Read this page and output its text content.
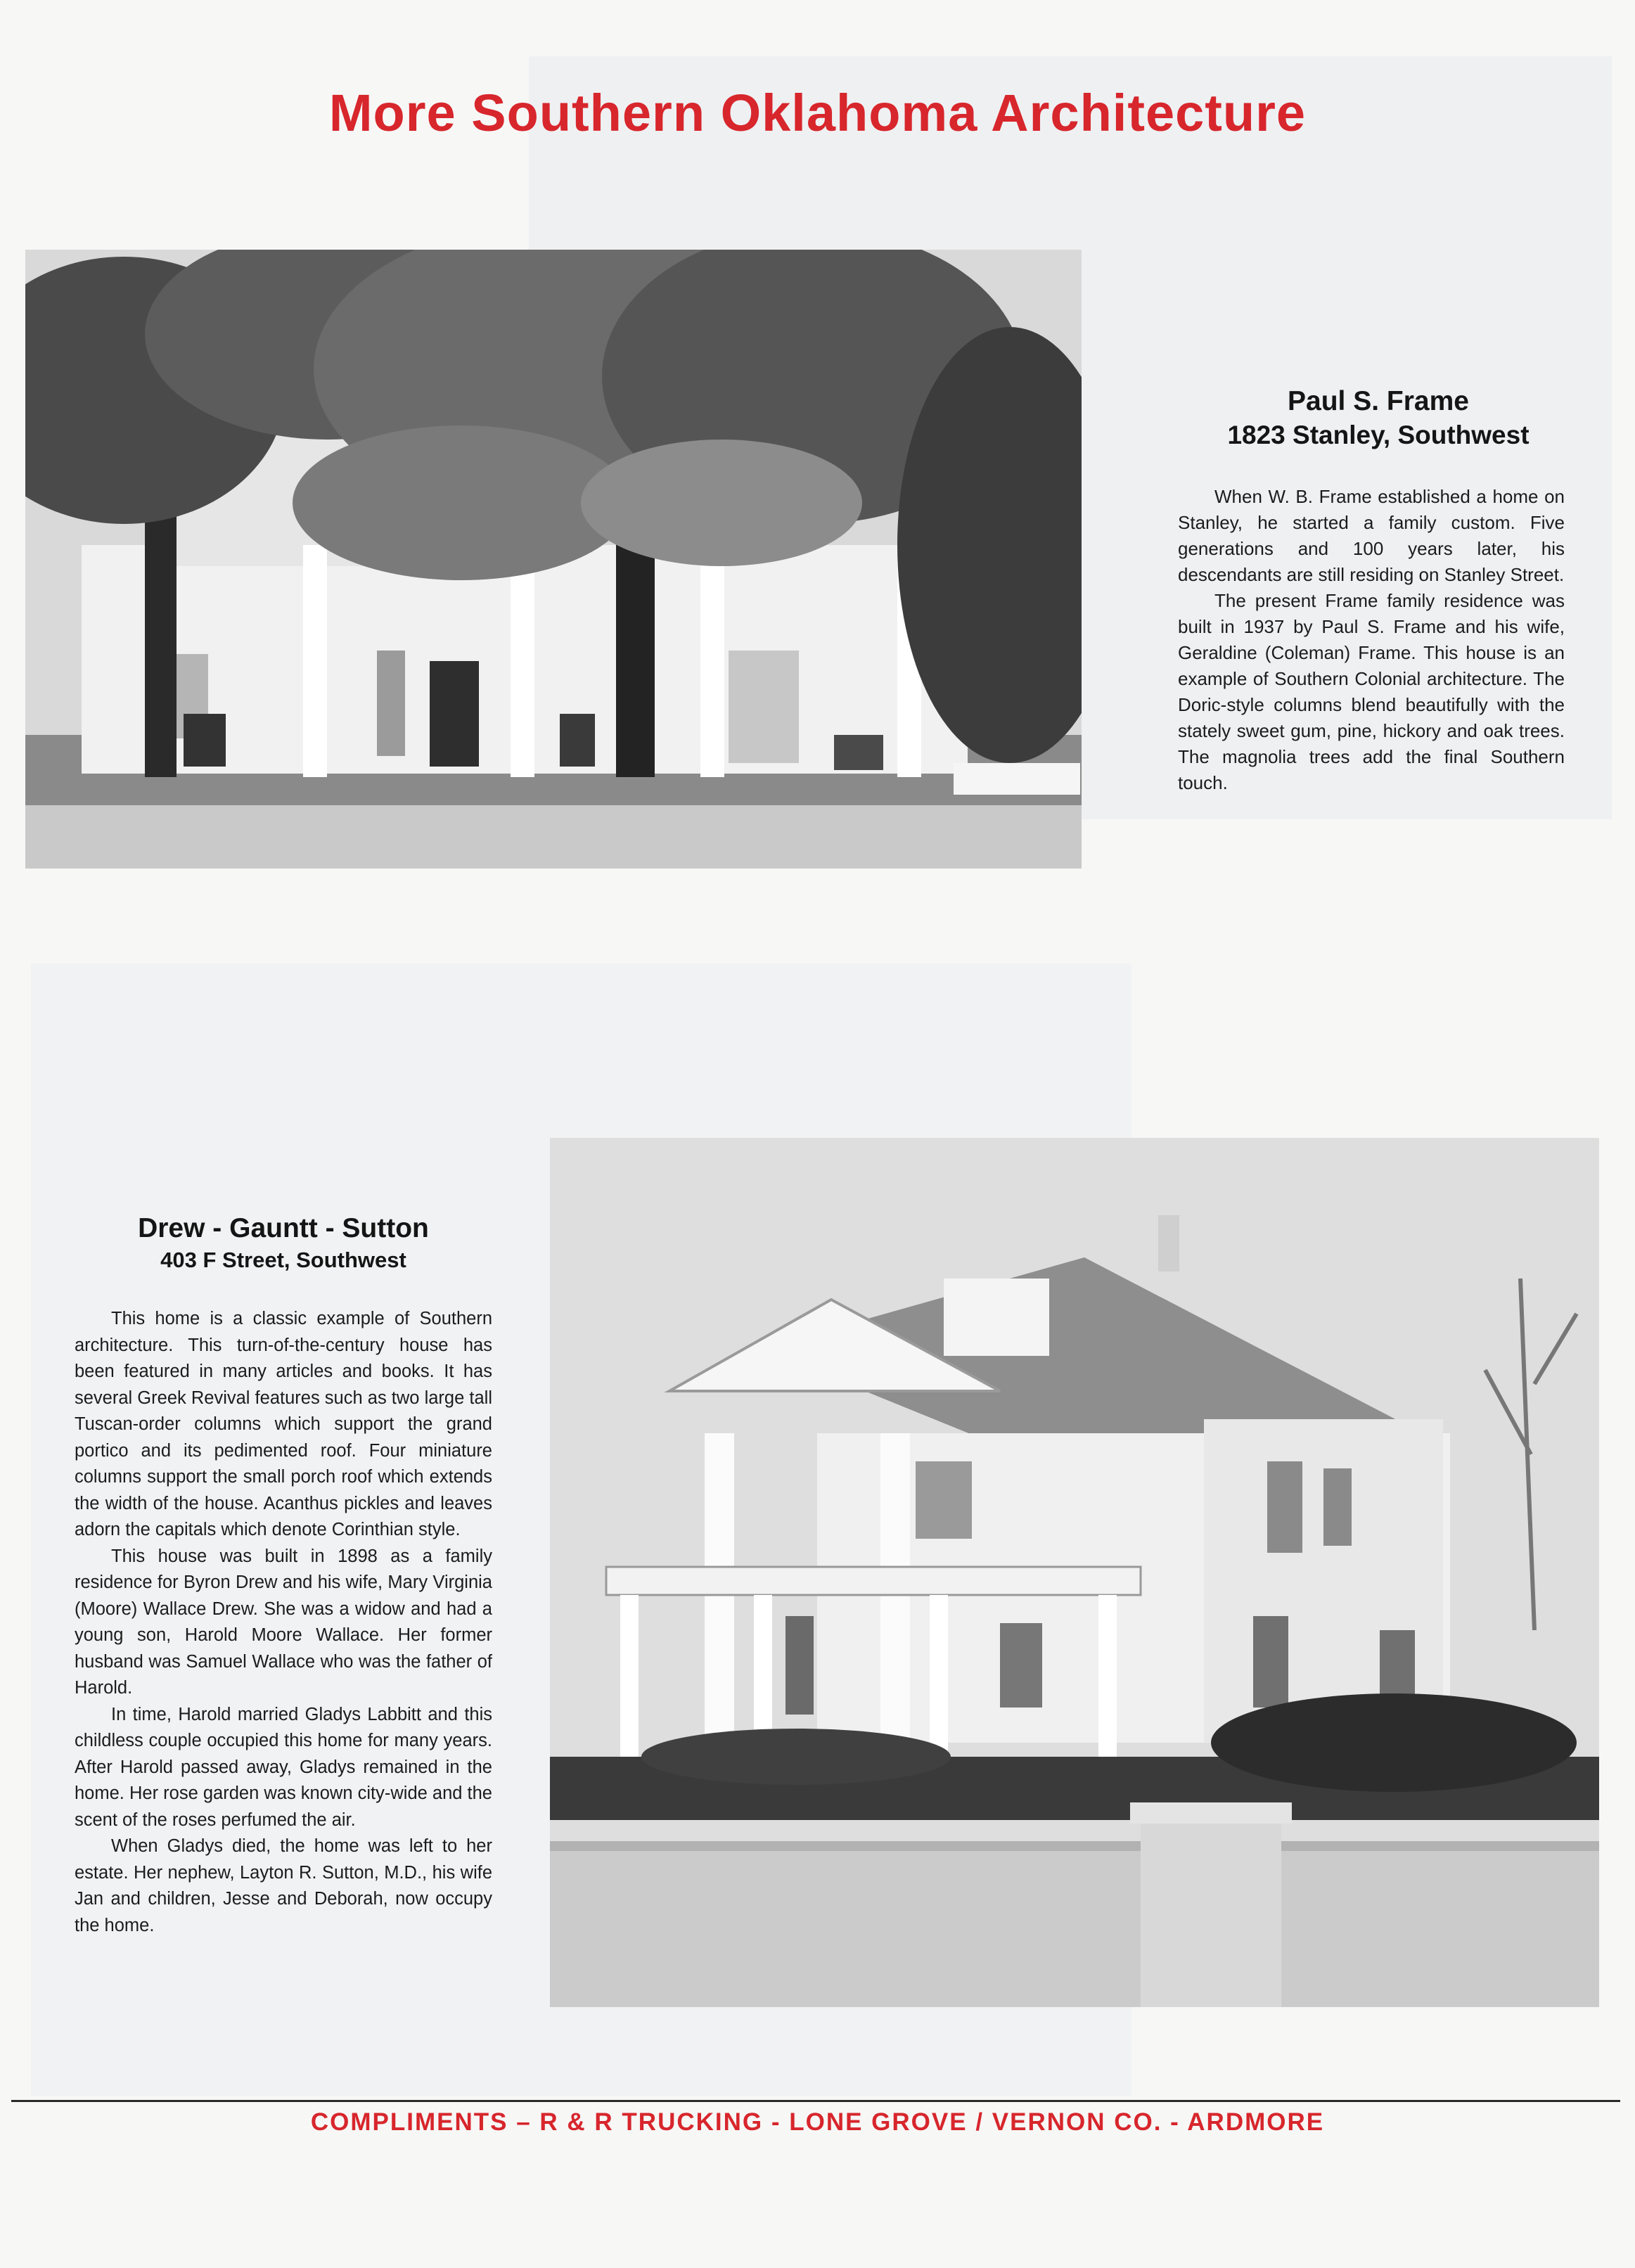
More Southern Oklahoma Architecture
Paul S. Frame
1823 Stanley, Southwest

When W. B. Frame established a home on Stanley, he started a family custom. Five generations and 100 years later, his descendants are still residing on Stanley Street.

The present Frame family residence was built in 1937 by Paul S. Frame and his wife, Geraldine (Coleman) Frame. This house is an example of Southern Colonial architecture. The Doric-style columns blend beautifully with the stately sweet gum, pine, hickory and oak trees. The magnolia trees add the final Southern touch.

Drew - Gauntt - Sutton
403 F Street, Southwest

This home is a classic example of Southern architecture. This turn-of-the-century house has been featured in many articles and books. It has several Greek Revival features such as two large tall Tuscan-order columns which support the grand portico and its pedimented roof. Four miniature columns support the small porch roof which extends the width of the house. Acanthus pickles and leaves adorn the capitals which denote Corinthian style.

This house was built in 1898 as a family residence for Byron Drew and his wife, Mary Virginia (Moore) Wallace Drew. She was a widow and had a young son, Harold Moore Wallace. Her former husband was Samuel Wallace who was the father of Harold.

In time, Harold married Gladys Labbitt and this childless couple occupied this home for many years. After Harold passed away, Gladys remained in the home. Her rose garden was known city-wide and the scent of the roses perfumed the air.

When Gladys died, the home was left to her estate. Her nephew, Layton R. Sutton, M.D., his wife Jan and children, Jesse and Deborah, now occupy the home.

COMPLIMENTS – R & R TRUCKING - LONE GROVE / VERNON CO. - ARDMORE
